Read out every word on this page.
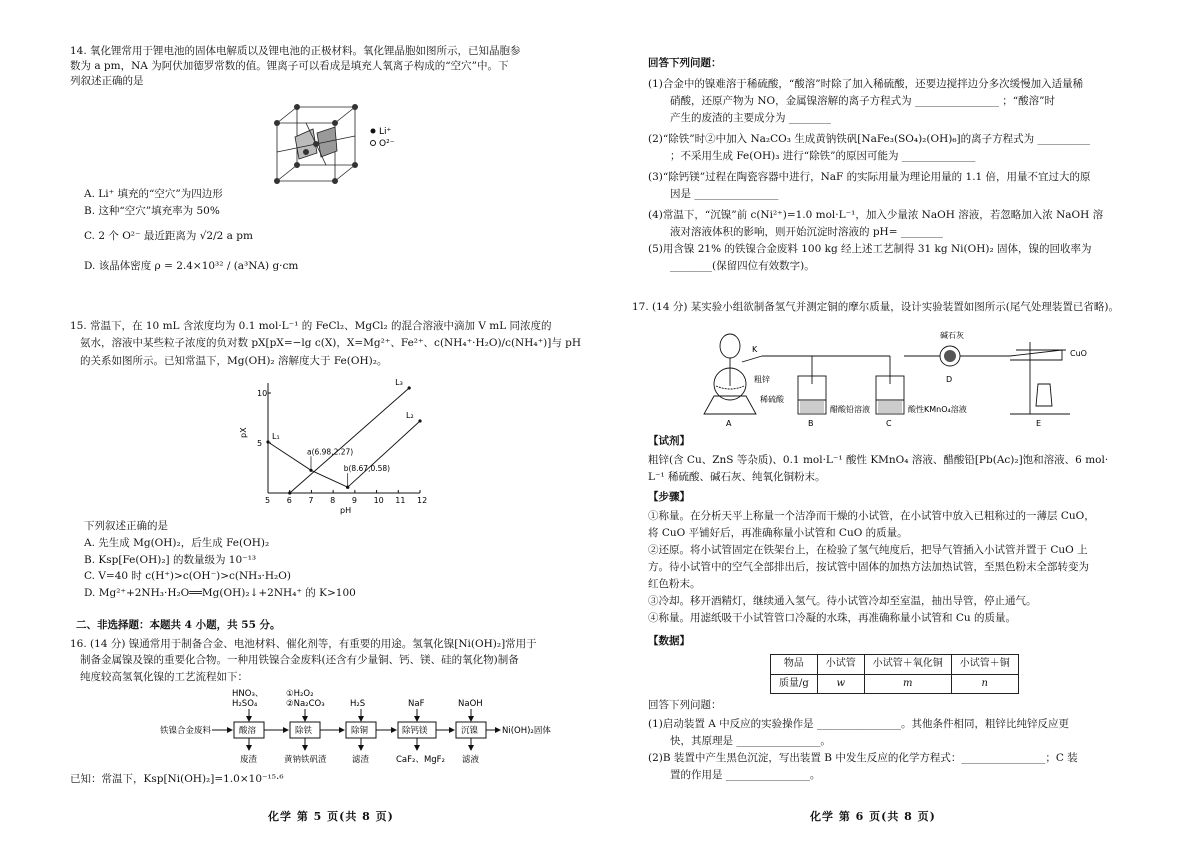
14. 氧化锂常用于锂电池的固体电解质以及锂电池的正极材料。氧化锂晶胞如图所示，已知晶胞参
数为 a pm，NA 为阿伏加德罗常数的值。锂离子可以看成是填充人氧离子构成的“空穴”中。下
列叙述正确的是
Li⁺
O²⁻
A. Li⁺ 填充的“空穴”为四边形
B. 这种“空穴”填充率为 50%
C. 2 个 O²⁻ 最近距离为 √2/2 a pm
D. 该晶体密度 ρ = 2.4×10³² / (a³NA) g·cm
15. 常温下，在 10 mL 含浓度均为 0.1 mol·L⁻¹ 的 FeCl₂、MgCl₂ 的混合溶液中滴加 V mL 同浓度的
氨水，溶液中某些粒子浓度的负对数 pX[pX=−lg c(X)，X=Mg²⁺、Fe²⁺、c(NH₄⁺·H₂O)/c(NH₄⁺)]与 pH
的关系如图所示。已知常温下，Mg(OH)₂ 溶解度大于 Fe(OH)₂。
5 6 7 8 9 10 11 12
5
10
pH
pX	L₁
L₂
L₃
a(6.98,2.27)
b(8.67,0.58)
下列叙述正确的是
A. 先生成 Mg(OH)₂，后生成 Fe(OH)₂
B. Ksp[Fe(OH)₂] 的数量级为 10⁻¹³
C. V=40 时 c(H⁺)>c(OH⁻)>c(NH₃·H₂O)
D. Mg²⁺+2NH₃·H₂O══Mg(OH)₂↓+2NH₄⁺ 的 K>100
二、非选择题：本题共 4 小题，共 55 分。
16. (14 分) 镍通常用于制备合金、电池材料、催化剂等，有重要的用途。氢氧化镍[Ni(OH)₂]常用于
制备金属镍及镍的重要化合物。一种用铁镍合金废料(还含有少量铜、钙、镁、硅的氧化物)制备
纯度较高氢氧化镍的工艺流程如下：
铁镍合金废料	酸溶	除铁	除铜	除钙镁	沉镍	Ni(OH)₂固体
HNO₃、
H₂SO₄
①H₂O₂
②Na₂CO₃	H₂S	NaF	NaOH
废渣	黄钠铁矾渣	滤渣	CaF₂、MgF₂ 滤液
已知：常温下，Ksp[Ni(OH)₂]=1.0×10⁻¹⁵·⁶
化学 第 5 页(共 8 页)
回答下列问题：
(1)合金中的镍难溶于稀硫酸，“酸溶”时除了加入稀硫酸，还要边搅拌边分多次缓慢加入适量稀
硝酸，还原产物为 NO，金属镍溶解的离子方程式为 ________________ ；“酸溶”时
产生的废渣的主要成分为 ________
(2)“除铁”时②中加入 Na₂CO₃ 生成黄钠铁矾[NaFe₃(SO₄)₂(OH)₆]的离子方程式为 __________
；不采用生成 Fe(OH)₃ 进行“除铁”的原因可能为 ______________
(3)“除钙镁”过程在陶瓷容器中进行，NaF 的实际用量为理论用量的 1.1 倍，用量不宜过大的原
因是 ________________
(4)常温下，“沉镍”前 c(Ni²⁺)=1.0 mol·L⁻¹，加入少量浓 NaOH 溶液，若忽略加入浓 NaOH 溶
液对溶液体积的影响，则开始沉淀时溶液的 pH= ________
(5)用含镍 21% 的铁镍合金废料 100 kg 经上述工艺制得 31 kg Ni(OH)₂ 固体，镍的回收率为
________(保留四位有效数字)。
17. (14 分) 某实验小组欲制备氢气并测定铜的摩尔质量，设计实验装置如图所示(尾气处理装置已省略)。
K
粗锌
稀硫酸
醋酸铅溶液	酸性KMnO₄溶液
碱石灰
CuO
A	B	C
D
E
【试剂】
粗锌(含 Cu、ZnS 等杂质)、0.1 mol·L⁻¹ 酸性 KMnO₄ 溶液、醋酸铅[Pb(Ac)₂]饱和溶液、6 mol·
L⁻¹ 稀硫酸、碱石灰、纯氧化铜粉末。
【步骤】
①称量。在分析天平上称量一个洁净而干燥的小试管，在小试管中放入已粗称过的一薄层 CuO，
将 CuO 平铺好后，再准确称量小试管和 CuO 的质量。
②还原。将小试管固定在铁架台上，在检验了氢气纯度后，把导气管插入小试管并置于 CuO 上
方。待小试管中的空气全部排出后，按试管中固体的加热方法加热试管，至黑色粉末全部转变为
红色粉末。
③冷却。移开酒精灯，继续通入氢气。待小试管冷却至室温，抽出导管，停止通气。
④称量。用滤纸吸干小试管管口冷凝的水珠，再准确称量小试管和 Cu 的质量。
【数据】
物品	小试管	小试管＋氧化铜	小试管＋铜
质量/g	w	m	n
回答下列问题：
(1)启动装置 A 中反应的实验操作是 ________________。其他条件相同，粗锌比纯锌反应更
快，其原理是 ________________。
(2)B 装置中产生黑色沉淀，写出装置 B 中发生反应的化学方程式：________________；C 装
置的作用是 ________________。
化学 第 6 页(共 8 页)
